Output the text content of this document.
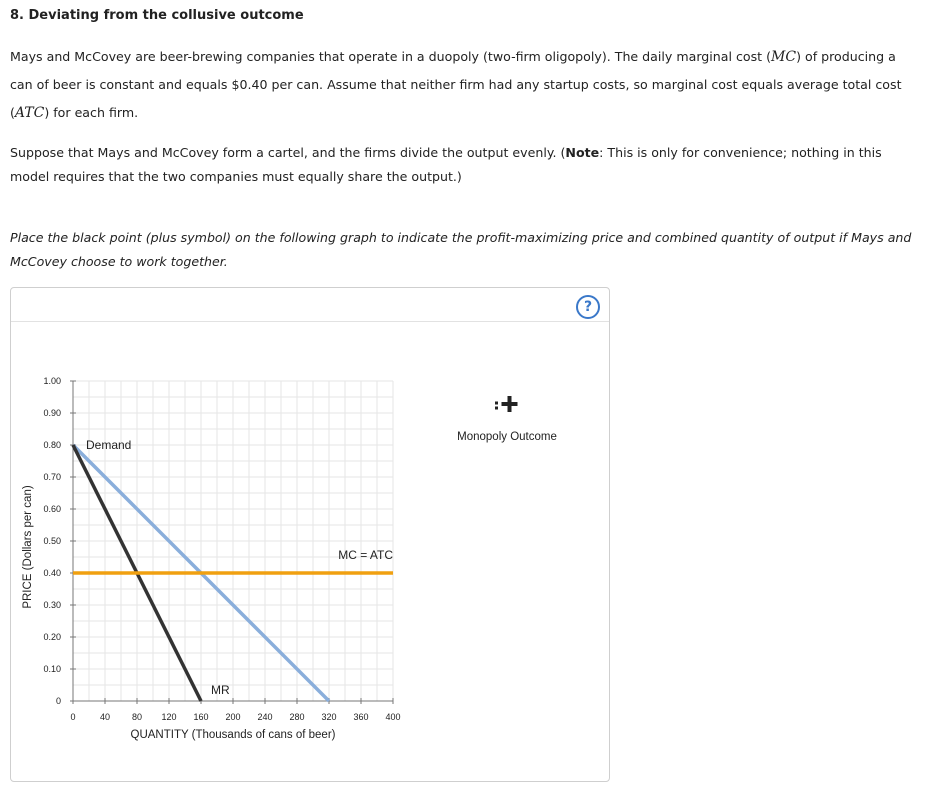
8. Deviating from the collusive outcome
Mays and McCovey are beer-brewing companies that operate in a duopoly (two-firm oligopoly). The daily marginal cost (MC) of producing a can of beer is constant and equals $0.40 per can. Assume that neither firm had any startup costs, so marginal cost equals average total cost (ATC) for each firm.
Suppose that Mays and McCovey form a cartel, and the firms divide the output evenly. (Note: This is only for convenience; nothing in this model requires that the two companies must equally share the output.)
Place the black point (plus symbol) on the following graph to indicate the profit-maximizing price and combined quantity of output if Mays and McCovey choose to work together.
?
0
0.10
0.20
0.30
0.40
0.50
0.60
0.70
0.80
0.90
1.00
0	40 80 120 160 200 240 280 320 360 400
QUANTITY (Thousands of cans of beer)
PRICE (Dollars per can)
Demand
MR
MC = ATC
Monopoly Outcome
